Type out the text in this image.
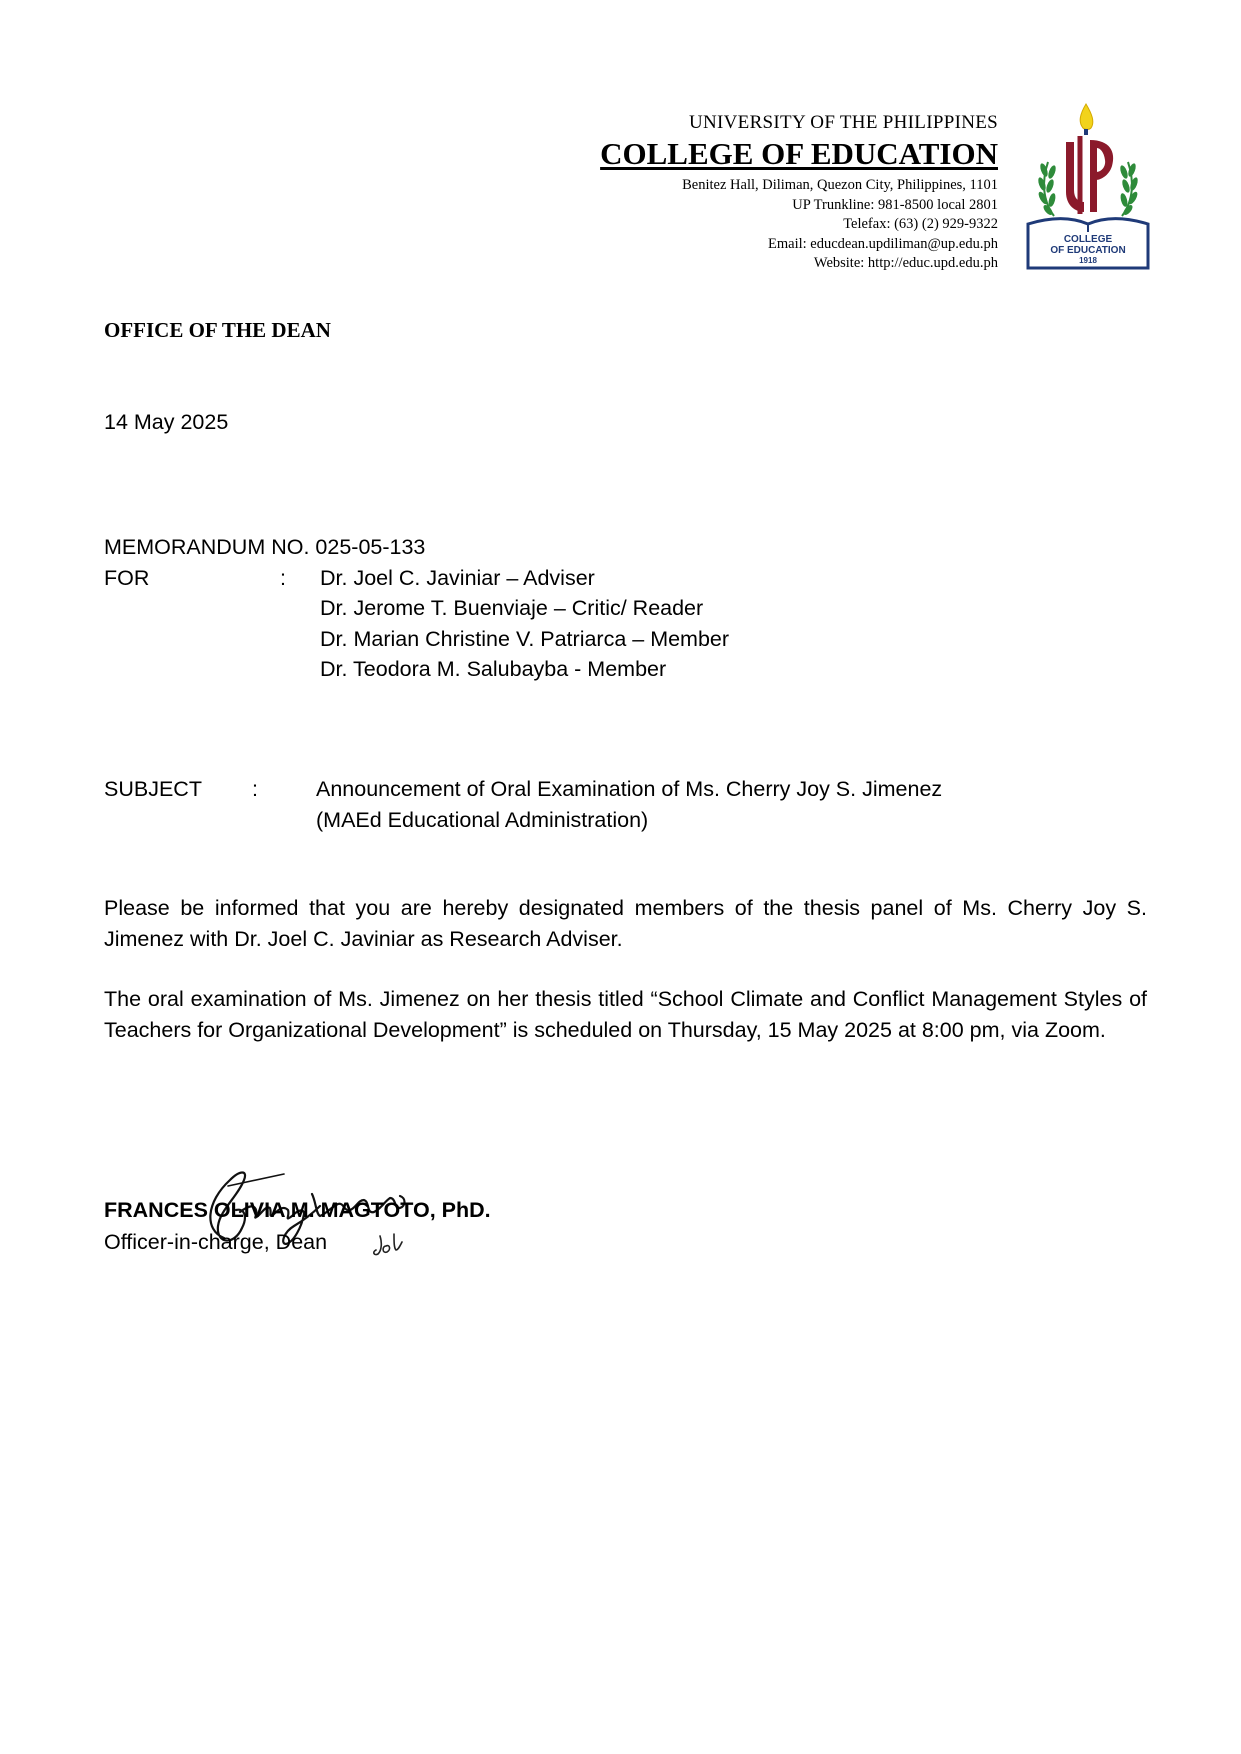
UNIVERSITY OF THE PHILIPPINES
COLLEGE OF EDUCATION
Benitez Hall, Diliman, Quezon City, Philippines, 1101
UP Trunkline: 981-8500 local 2801
Telefax: (63) (2) 929-9322
Email: educdean.updiliman@up.edu.ph
Website: http://educ.upd.edu.ph
COLLEGE
OF EDUCATION
1918
OFFICE OF THE DEAN
14 May 2025
MEMORANDUM NO. 025-05-133
FOR	:	Dr. Joel C. Javiniar – Adviser
Dr. Jerome T. Buenviaje – Critic/ Reader
Dr. Marian Christine V. Patriarca – Member
Dr. Teodora M. Salubayba - Member
SUBJECT	:	Announcement of Oral Examination of Ms. Cherry Joy S. Jimenez
(MAEd Educational Administration)
Please be informed that you are hereby designated members of the thesis panel of Ms. Cherry Joy S. Jimenez with Dr. Joel C. Javiniar as Research Adviser.
The oral examination of Ms. Jimenez on her thesis titled “School Climate and Conflict Management Styles of Teachers for Organizational Development” is scheduled on Thursday, 15 May 2025 at 8:00 pm, via Zoom.
FRANCES OLIVIA M. MAGTOTO, PhD.
Officer-in-charge, Dean
